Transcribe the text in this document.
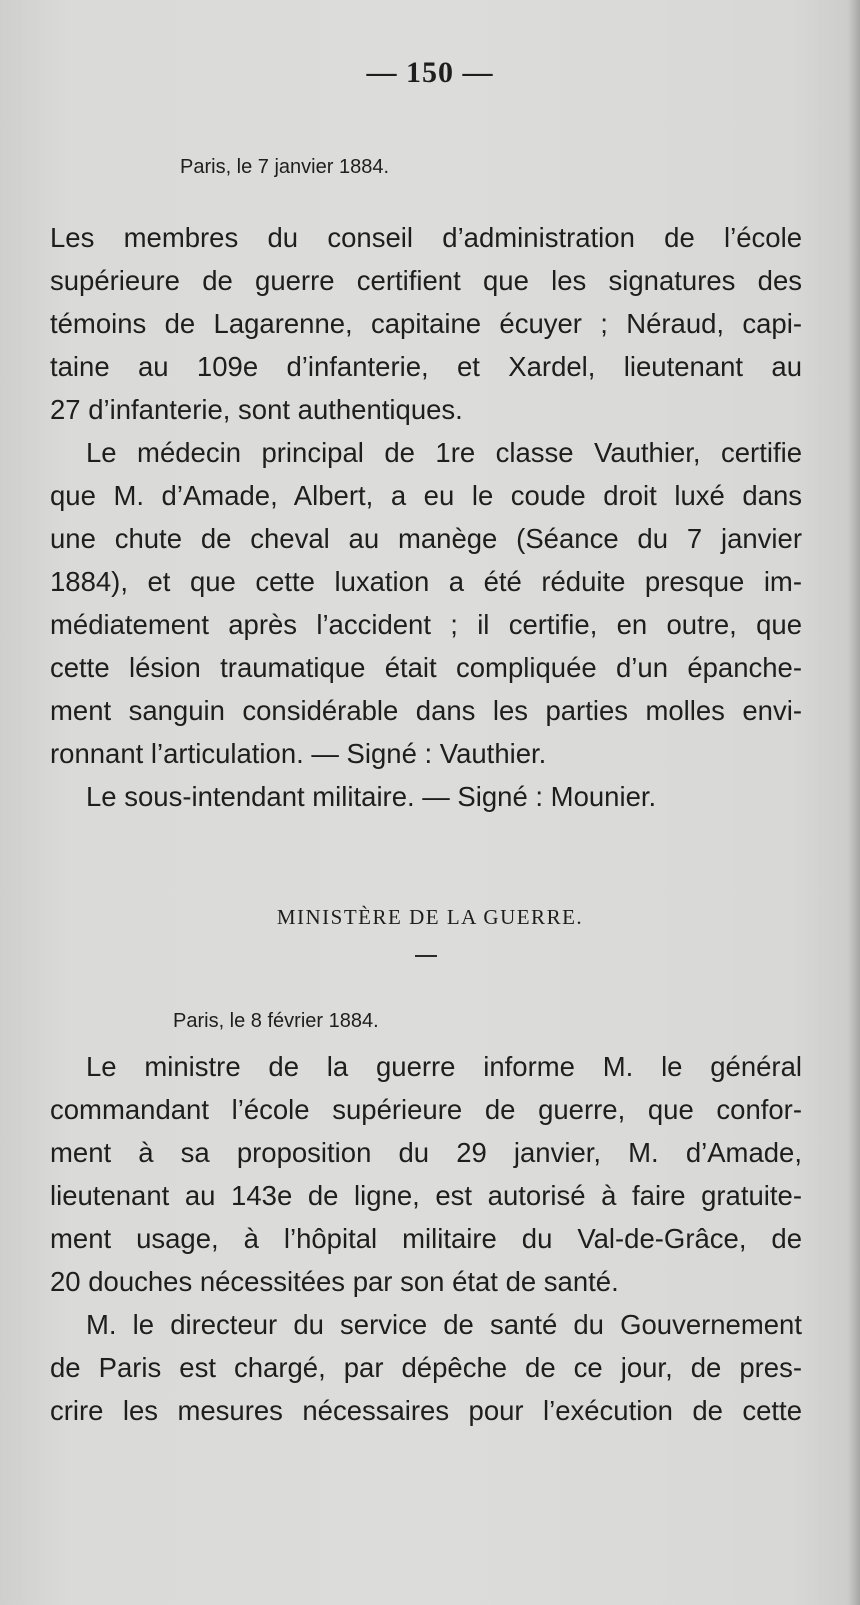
— 150 —
Paris, le 7 janvier 1884.
Les membres du conseil d’administration de l’école
supérieure de guerre certifient que les signatures des
témoins de Lagarenne, capitaine écuyer ; Néraud, capi-
taine au 109e d’infanterie, et Xardel, lieutenant au
27 d’infanterie, sont authentiques.
Le médecin principal de 1re classe Vauthier, certifie
que M. d’Amade, Albert, a eu le coude droit luxé dans
une chute de cheval au manège (Séance du 7 janvier
1884), et que cette luxation a été réduite presque im-
médiatement après l’accident ; il certifie, en outre, que
cette lésion traumatique était compliquée d’un épanche-
ment sanguin considérable dans les parties molles envi-
ronnant l’articulation. — Signé : Vauthier.
Le sous-intendant militaire. — Signé : Mounier.
MINISTÈRE DE LA GUERRE.
Paris, le 8 février 1884.
Le ministre de la guerre informe M. le général
commandant l’école supérieure de guerre, que confor-
ment à sa proposition du 29 janvier, M. d’Amade,
lieutenant au 143e de ligne, est autorisé à faire gratuite-
ment usage, à l’hôpital militaire du Val-de-Grâce, de
20 douches nécessitées par son état de santé.
M. le directeur du service de santé du Gouvernement
de Paris est chargé, par dépêche de ce jour, de pres-
crire les mesures nécessaires pour l’exécution de cette
